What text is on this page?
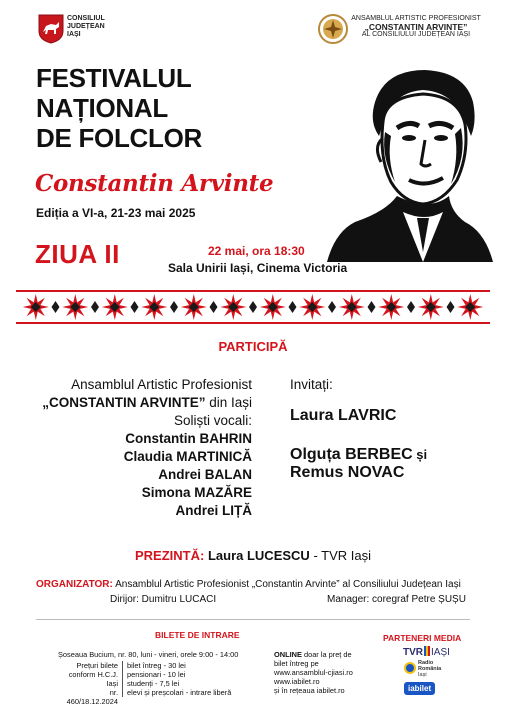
CONSILIUL
JUDEȚEAN
IAȘI
ANSAMBLUL ARTISTIC PROFESIONIST
„CONSTANTIN ARVINTE”
AL CONSILIULUI JUDEȚEAN IAȘI
FESTIVALUL
NAȚIONAL
DE FOLCLOR
Constantin Arvinte
Ediția a VI-a, 21-23 mai 2025
ZIUA II	22 mai, ora 18:30
Sala Unirii Iași, Cinema Victoria
PARTICIPĂ
Ansamblul Artistic Profesionist
„CONSTANTIN ARVINTE” din Iași
Soliști vocali:
Constantin BAHRIN
Claudia MARTINICĂ
Andrei BALAN
Simona MAZĂRE
Andrei LIȚĂ
Invitați:
Laura LAVRIC
Olguța BERBEC și
Remus NOVAC
PREZINTĂ: Laura LUCESCU - TVR Iași
ORGANIZATOR: Ansamblul Artistic Profesionist „Constantin Arvinte” al Consiliului Județean Iași
Dirijor: Dumitru LUCACI	Manager: coregraf Petre ȘUȘU
BILETE DE INTRARE
Șoseaua Bucium, nr. 80, luni - vineri, orele 9:00 - 14:00
Prețuri bilete
conform H.C.J. Iași
nr. 460/18.12.2024
bilet întreg - 30 lei
pensionari - 10 lei
studenți - 7,5 lei
elevi și preșcolari - intrare liberă
ONLINE doar la preț de
bilet întreg pe
www.ansamblul-cjiasi.ro
www.iabilet.ro
și în rețeaua iabilet.ro
PARTENERI MEDIA
TVR IAȘI
Radio
România
Iași
iabilet
